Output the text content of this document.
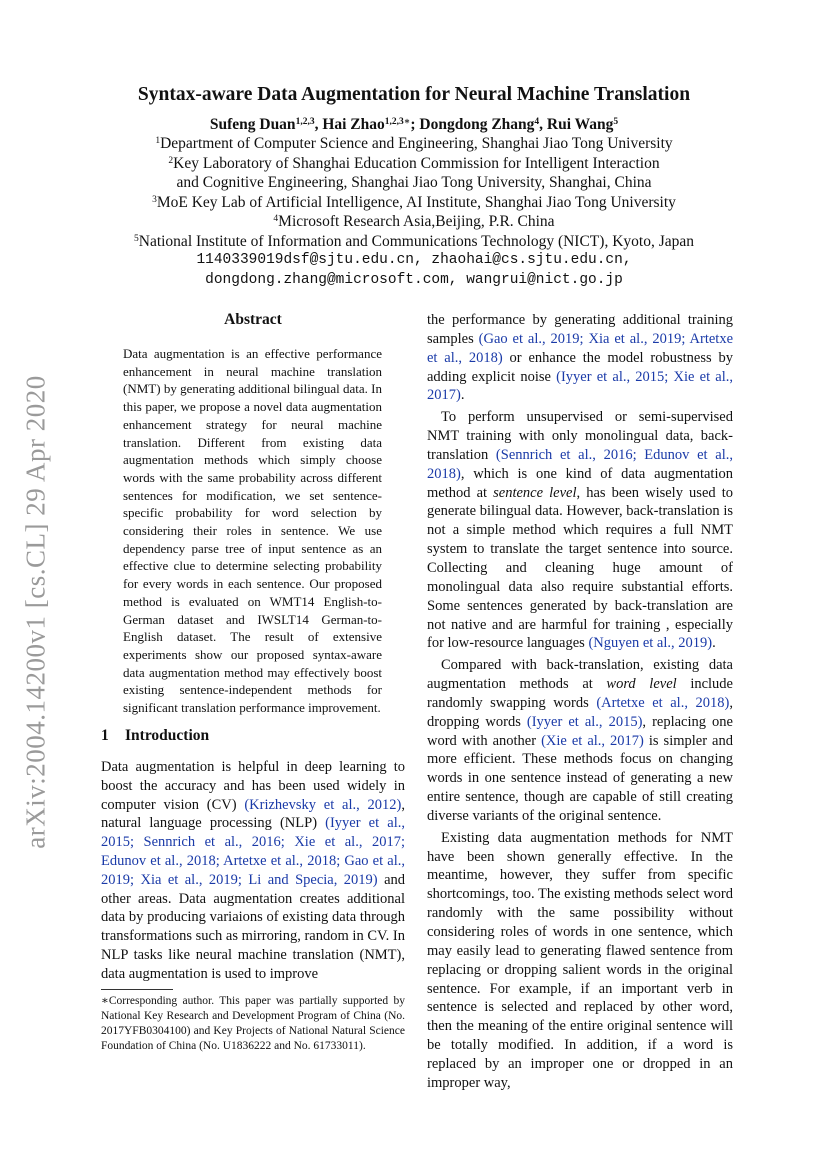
arXiv:2004.14200v1 [cs.CL] 29 Apr 2020
Syntax-aware Data Augmentation for Neural Machine Translation
Sufeng Duan$^{1,2,3}$, Hai Zhao$^{1,2,3∗}$; Dongdong Zhang$^4$, Rui Wang$^5$
$^1$Department of Computer Science and Engineering, Shanghai Jiao Tong University
$^2$Key Laboratory of Shanghai Education Commission for Intelligent Interaction
and Cognitive Engineering, Shanghai Jiao Tong University, Shanghai, China
$^3$MoE Key Lab of Artificial Intelligence, AI Institute, Shanghai Jiao Tong University
$^4$Microsoft Research Asia,Beijing, P.R. China
$^5$National Institute of Information and Communications Technology (NICT), Kyoto, Japan
1140339019dsf@sjtu.edu.cn, zhaohai@cs.sjtu.edu.cn,
dongdong.zhang@microsoft.com, wangrui@nict.go.jp
Abstract
Data augmentation is an effective performance enhancement in neural machine translation (NMT) by generating additional bilingual data. In this paper, we propose a novel data augmentation enhancement strategy for neural machine translation. Different from existing data augmentation methods which simply choose words with the same probability across different sentences for modification, we set sentence-specific probability for word selection by considering their roles in sentence. We use dependency parse tree of input sentence as an effective clue to determine selecting probability for every words in each sentence. Our proposed method is evaluated on WMT14 English-to-German dataset and IWSLT14 German-to-English dataset. The result of extensive experiments show our proposed syntax-aware data augmentation method may effectively boost existing sentence-independent methods for significant translation performance improvement.
1 Introduction
Data augmentation is helpful in deep learning to boost the accuracy and has been used widely in computer vision (CV) (Krizhevsky et al., 2012), natural language processing (NLP) (Iyyer et al., 2015; Sennrich et al., 2016; Xie et al., 2017; Edunov et al., 2018; Artetxe et al., 2018; Gao et al., 2019; Xia et al., 2019; Li and Specia, 2019) and other areas. Data augmentation creates additional data by producing variaions of existing data through transformations such as mirroring, random in CV. In NLP tasks like neural machine translation (NMT), data augmentation is used to improve
∗Corresponding author. This paper was partially supported by National Key Research and Development Program of China (No. 2017YFB0304100) and Key Projects of National Natural Science Foundation of China (No. U1836222 and No. 61733011).

the performance by generating additional training samples (Gao et al., 2019; Xia et al., 2019; Artetxe et al., 2018) or enhance the model robustness by adding explicit noise (Iyyer et al., 2015; Xie et al., 2017).

To perform unsupervised or semi-supervised NMT training with only monolingual data, back-translation (Sennrich et al., 2016; Edunov et al., 2018), which is one kind of data augmentation method at sentence level, has been wisely used to generate bilingual data. However, back-translation is not a simple method which requires a full NMT system to translate the target sentence into source. Collecting and cleaning huge amount of monolingual data also require substantial efforts. Some sentences generated by back-translation are not native and are harmful for training , especially for low-resource languages (Nguyen et al., 2019).

Compared with back-translation, existing data augmentation methods at word level include randomly swapping words (Artetxe et al., 2018), dropping words (Iyyer et al., 2015), replacing one word with another (Xie et al., 2017) is simpler and more efficient. These methods focus on changing words in one sentence instead of generating a new entire sentence, though are capable of still creating diverse variants of the original sentence.

Existing data augmentation methods for NMT have been shown generally effective. In the meantime, however, they suffer from specific shortcomings, too. The existing methods select word randomly with the same possibility without considering roles of words in one sentence, which may easily lead to generating flawed sentence from replacing or dropping salient words in the original sentence. For example, if an important verb in sentence is selected and replaced by other word, then the meaning of the entire original sentence will be totally modified. In addition, if a word is replaced by an improper one or dropped in an improper way,
